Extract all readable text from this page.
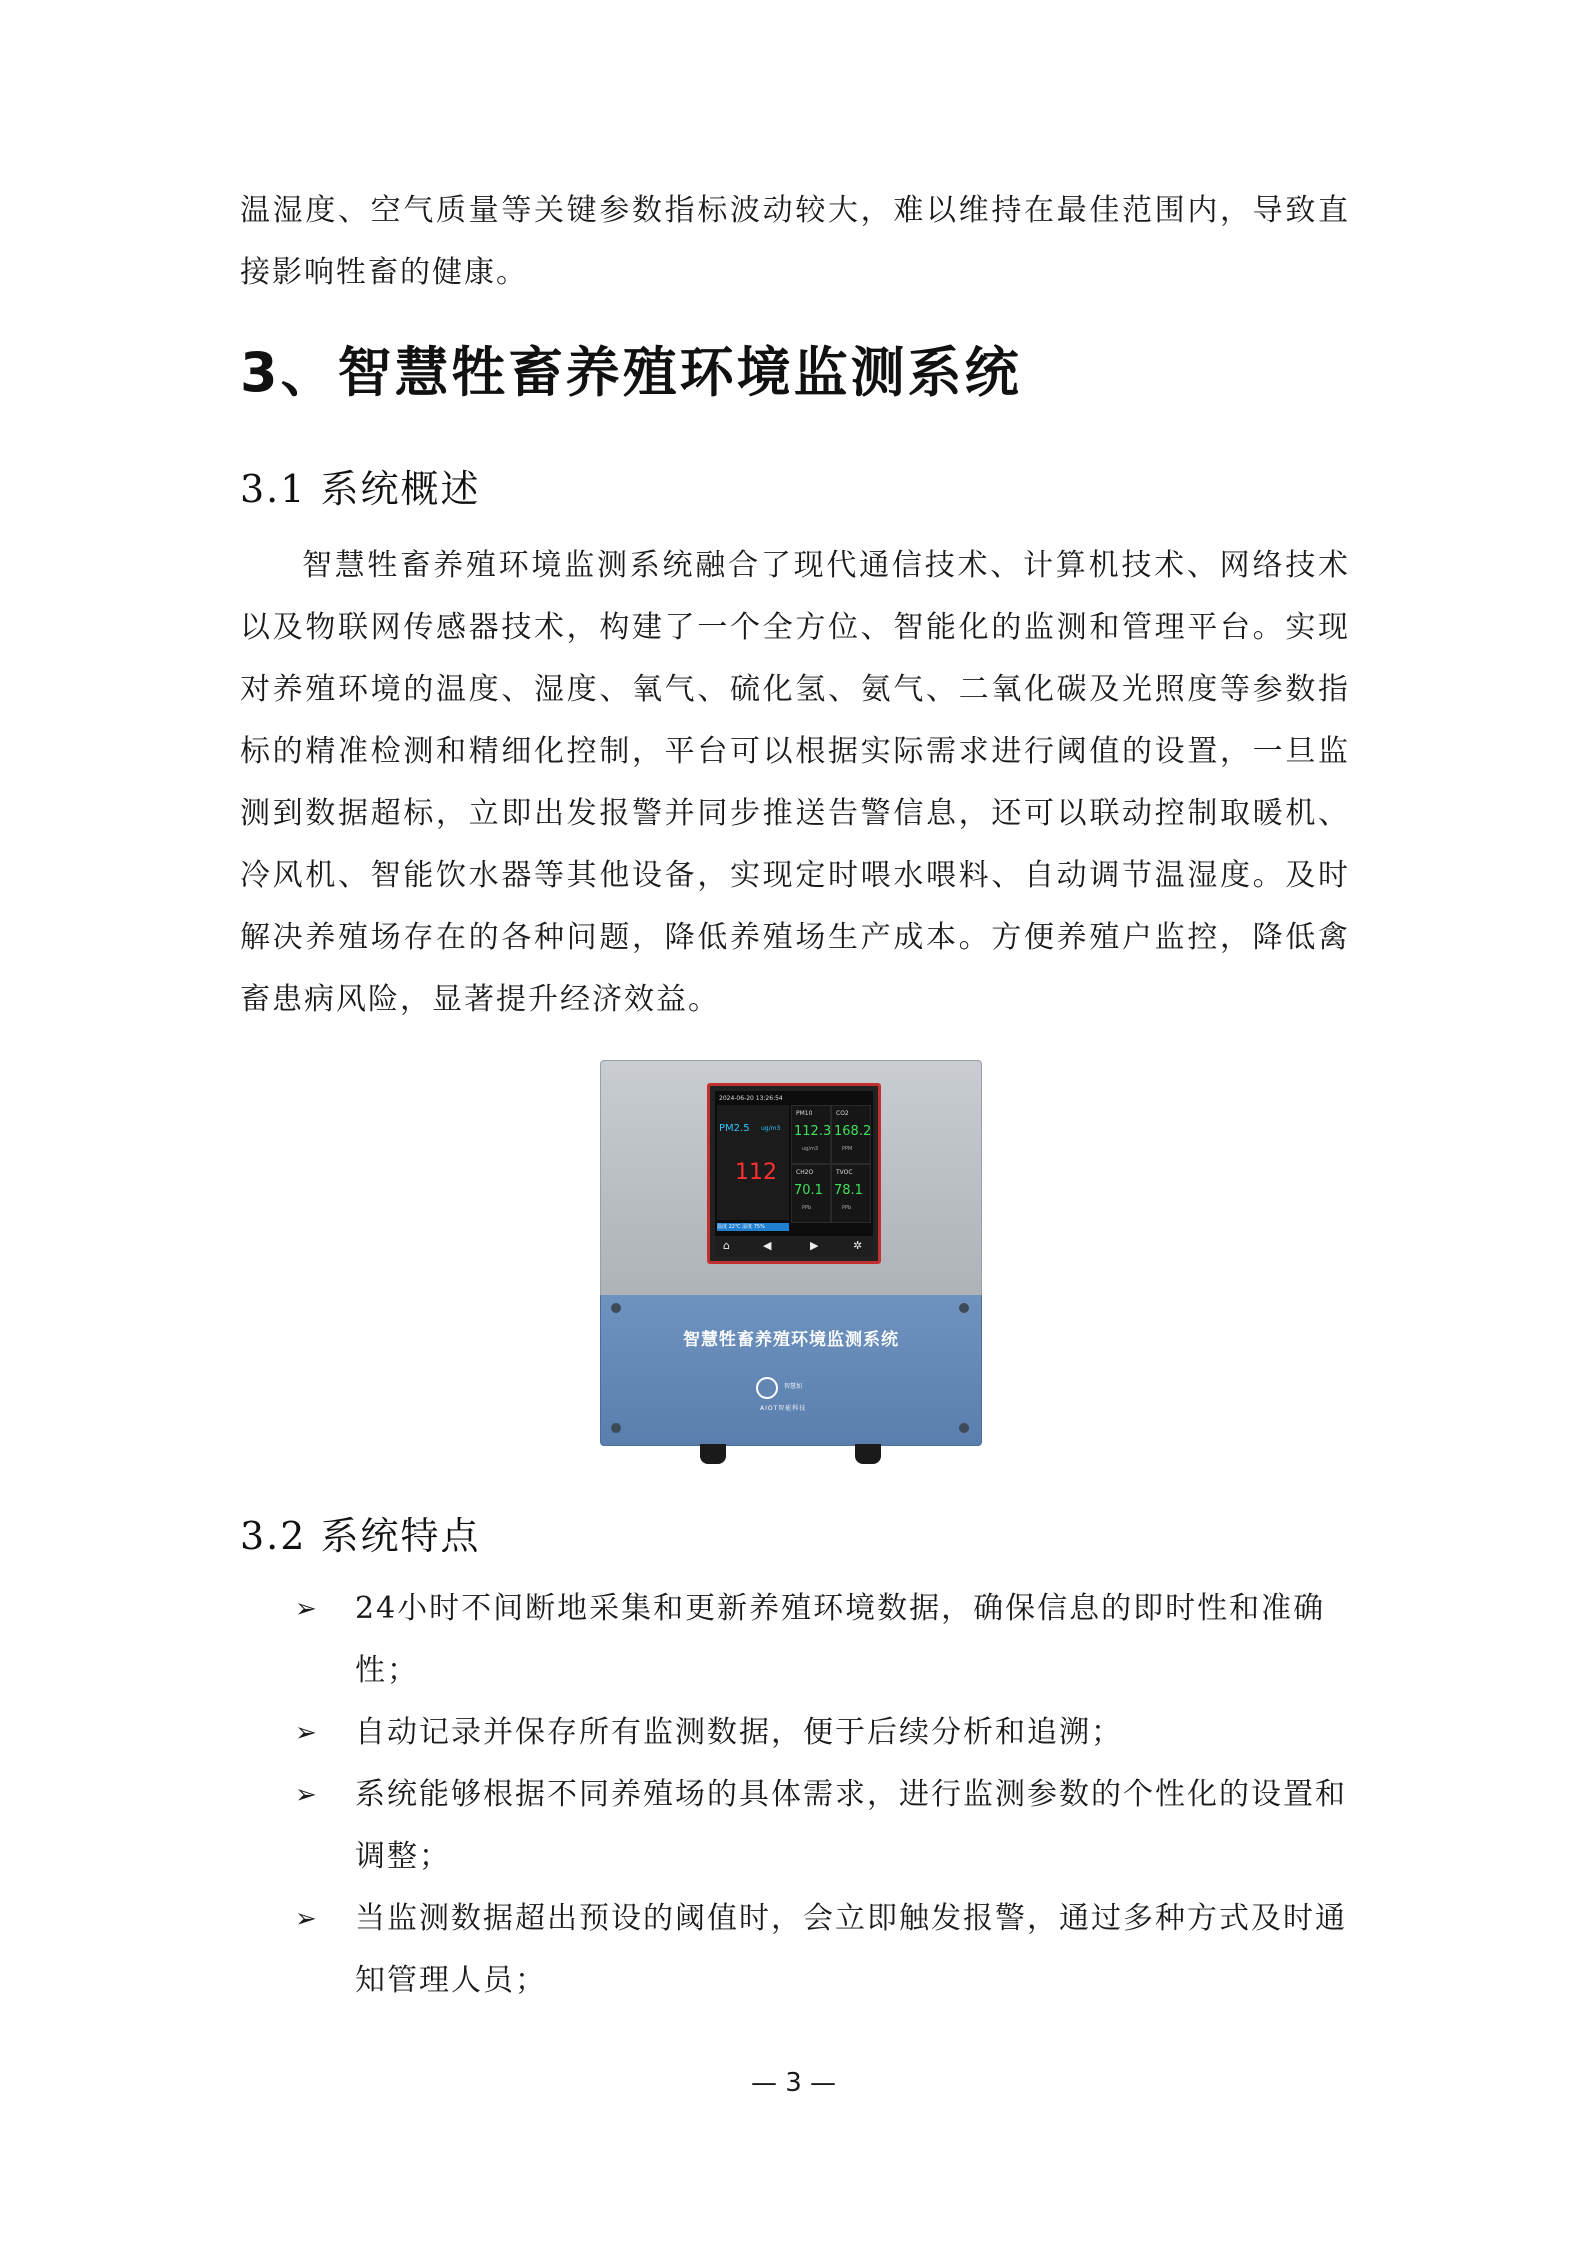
温湿度、空气质量等关键参数指标波动较大，难以维持在最佳范围内，导致直接影响牲畜的健康。

3、智慧牲畜养殖环境监测系统
3.1 系统概述

智慧牲畜养殖环境监测系统融合了现代通信技术、计算机技术、网络技术以及物联网传感器技术，构建了一个全方位、智能化的监测和管理平台。实现对养殖环境的温度、湿度、氧气、硫化氢、氨气、二氧化碳及光照度等参数指标的精准检测和精细化控制，平台可以根据实际需求进行阈值的设置，一旦监测到数据超标，立即出发报警并同步推送告警信息，还可以联动控制取暖机、冷风机、智能饮水器等其他设备，实现定时喂水喂料、自动调节温湿度。及时解决养殖场存在的各种问题，降低养殖场生产成本。方便养殖户监控，降低禽畜患病风险，显著提升经济效益。

2024-06-20 13:26:54
PM2.5 ug/m3
112
PM10
112.3
ug/m3
CO2
168.2
PPM
CH2O
70.1
PPb
TVOC
78.1
PPb
温度 22℃ 湿度 75%
⌂	◀	▶	✲
智慧牲畜养殖环境监测系统
智慧加
AIOT智能科技
3.2 系统特点
➢ 24小时不间断地采集和更新养殖环境数据，确保信息的即时性和准确性；
➢ 自动记录并保存所有监测数据，便于后续分析和追溯；
➢ 系统能够根据不同养殖场的具体需求，进行监测参数的个性化的设置和调整；
➢ 当监测数据超出预设的阈值时，会立即触发报警，通过多种方式及时通知管理人员；
— 3 —
